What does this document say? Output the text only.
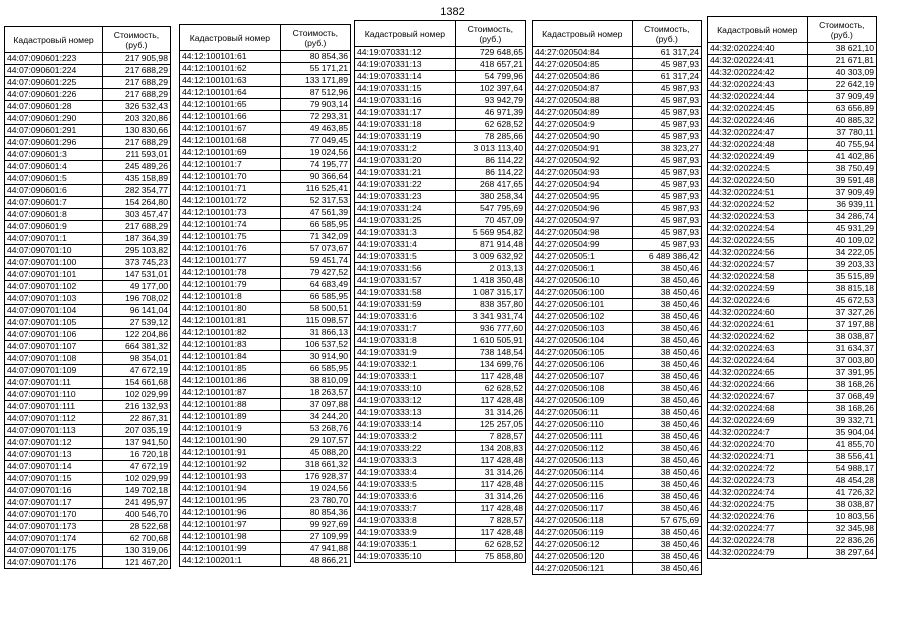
1382
Кадастровый номер	Стоимость, (руб.)
44:07:090601:223	217 905,98
44:07:090601:224	217 688,29
44:07:090601:225	217 688,29
44:07:090601:226	217 688,29
44:07:090601:28	326 532,43
44:07:090601:290	203 320,86
44:07:090601:291	130 830,66
44:07:090601:296	217 688,29
44:07:090601:3	211 593,01
44:07:090601:4	245 489,26
44:07:090601:5	435 158,89
44:07:090601:6	282 354,77
44:07:090601:7	154 264,80
44:07:090601:8	303 457,47
44:07:090601:9	217 688,29
44:07:090701:1	187 364,39
44:07:090701:10	295 103,82
44:07:090701:100	373 745,23
44:07:090701:101	147 531,01
44:07:090701:102	49 177,00
44:07:090701:103	196 708,02
44:07:090701:104	96 141,04
44:07:090701:105	27 539,12
44:07:090701:106	122 204,86
44:07:090701:107	664 381,32
44:07:090701:108	98 354,01
44:07:090701:109	47 672,19
44:07:090701:11	154 661,68
44:07:090701:110	102 029,99
44:07:090701:111	216 132,93
44:07:090701:112	22 867,31
44:07:090701:113	207 035,19
44:07:090701:12	137 941,50
44:07:090701:13	16 720,18
44:07:090701:14	47 672,19
44:07:090701:15	102 029,99
44:07:090701:16	149 702,18
44:07:090701:17	241 495,97
44:07:090701:170	400 546,70
44:07:090701:173	28 522,68
44:07:090701:174	62 700,68
44:07:090701:175	130 319,06
44:07:090701:176	121 467,20
Кадастровый номер	Стоимость, (руб.)
44:12:100101:61	80 854,36
44:12:100101:62	55 171,21
44:12:100101:63	133 171,89
44:12:100101:64	87 512,96
44:12:100101:65	79 903,14
44:12:100101:66	72 293,31
44:12:100101:67	49 463,85
44:12:100101:68	77 049,45
44:12:100101:69	19 024,56
44:12:100101:7	74 195,77
44:12:100101:70	90 366,64
44:12:100101:71	116 525,41
44:12:100101:72	52 317,53
44:12:100101:73	47 561,39
44:12:100101:74	66 585,95
44:12:100101:75	71 342,09
44:12:100101:76	57 073,67
44:12:100101:77	59 451,74
44:12:100101:78	79 427,52
44:12:100101:79	64 683,49
44:12:100101:8	66 585,95
44:12:100101:80	58 500,51
44:12:100101:81	115 098,57
44:12:100101:82	31 866,13
44:12:100101:83	106 537,52
44:12:100101:84	30 914,90
44:12:100101:85	66 585,95
44:12:100101:86	38 810,09
44:12:100101:87	18 263,57
44:12:100101:88	37 097,88
44:12:100101:89	34 244,20
44:12:100101:9	53 268,76
44:12:100101:90	29 107,57
44:12:100101:91	45 088,20
44:12:100101:92	318 661,32
44:12:100101:93	176 928,37
44:12:100101:94	19 024,56
44:12:100101:95	23 780,70
44:12:100101:96	80 854,36
44:12:100101:97	99 927,69
44:12:100101:98	27 109,99
44:12:100101:99	47 941,88
44:12:100201:1	48 866,21
Кадастровый номер	Стоимость, (руб.)
44:19:070331:12	729 648,65
44:19:070331:13	418 657,21
44:19:070331:14	54 799,96
44:19:070331:15	102 397,64
44:19:070331:16	93 942,79
44:19:070331:17	46 971,39
44:19:070331:18	62 628,52
44:19:070331:19	78 285,66
44:19:070331:2	3 013 113,40
44:19:070331:20	86 114,22
44:19:070331:21	86 114,22
44:19:070331:22	268 417,65
44:19:070331:23	380 258,34
44:19:070331:24	547 795,69
44:19:070331:25	70 457,09
44:19:070331:3	5 569 954,82
44:19:070331:4	871 914,48
44:19:070331:5	3 009 632,92
44:19:070331:56	2 013,13
44:19:070331:57	1 418 350,48
44:19:070331:58	1 087 315,17
44:19:070331:59	838 357,80
44:19:070331:6	3 341 931,74
44:19:070331:7	936 777,60
44:19:070331:8	1 610 505,91
44:19:070331:9	738 148,54
44:19:070332:1	134 699,76
44:19:070333:1	117 428,48
44:19:070333:10	62 628,52
44:19:070333:12	117 428,48
44:19:070333:13	31 314,26
44:19:070333:14	125 257,05
44:19:070333:2	7 828,57
44:19:070333:22	134 208,83
44:19:070333:3	117 428,48
44:19:070333:4	31 314,26
44:19:070333:5	117 428,48
44:19:070333:6	31 314,26
44:19:070333:7	117 428,48
44:19:070333:8	7 828,57
44:19:070333:9	117 428,48
44:19:070335:1	62 628,52
44:19:070335:10	75 858,80
Кадастровый номер	Стоимость, (руб.)
44:27:020504:84	61 317,24
44:27:020504:85	45 987,93
44:27:020504:86	61 317,24
44:27:020504:87	45 987,93
44:27:020504:88	45 987,93
44:27:020504:89	45 987,93
44:27:020504:9	45 987,93
44:27:020504:90	45 987,93
44:27:020504:91	38 323,27
44:27:020504:92	45 987,93
44:27:020504:93	45 987,93
44:27:020504:94	45 987,93
44:27:020504:95	45 987,93
44:27:020504:96	45 987,93
44:27:020504:97	45 987,93
44:27:020504:98	45 987,93
44:27:020504:99	45 987,93
44:27:020505:1	6 489 386,42
44:27:020506:1	38 450,46
44:27:020506:10	38 450,46
44:27:020506:100	38 450,46
44:27:020506:101	38 450,46
44:27:020506:102	38 450,46
44:27:020506:103	38 450,46
44:27:020506:104	38 450,46
44:27:020506:105	38 450,46
44:27:020506:106	38 450,46
44:27:020506:107	38 450,46
44:27:020506:108	38 450,46
44:27:020506:109	38 450,46
44:27:020506:11	38 450,46
44:27:020506:110	38 450,46
44:27:020506:111	38 450,46
44:27:020506:112	38 450,46
44:27:020506:113	38 450,46
44:27:020506:114	38 450,46
44:27:020506:115	38 450,46
44:27:020506:116	38 450,46
44:27:020506:117	38 450,46
44:27:020506:118	57 675,69
44:27:020506:119	38 450,46
44:27:020506:12	38 450,46
44:27:020506:120	38 450,46
44:27:020506:121	38 450,46
Кадастровый номер	Стоимость, (руб.)
44:32:020224:40	38 621,10
44:32:020224:41	21 671,81
44:32:020224:42	40 303,09
44:32:020224:43	22 642,19
44:32:020224:44	37 909,49
44:32:020224:45	63 656,89
44:32:020224:46	40 885,32
44:32:020224:47	37 780,11
44:32:020224:48	40 755,94
44:32:020224:49	41 402,86
44:32:020224:5	38 750,49
44:32:020224:50	39 591,48
44:32:020224:51	37 909,49
44:32:020224:52	36 939,11
44:32:020224:53	34 286,74
44:32:020224:54	45 931,29
44:32:020224:55	40 109,02
44:32:020224:56	34 222,05
44:32:020224:57	39 203,33
44:32:020224:58	35 515,89
44:32:020224:59	38 815,18
44:32:020224:6	45 672,53
44:32:020224:60	37 327,26
44:32:020224:61	37 197,88
44:32:020224:62	38 038,87
44:32:020224:63	31 634,37
44:32:020224:64	37 003,80
44:32:020224:65	37 391,95
44:32:020224:66	38 168,26
44:32:020224:67	37 068,49
44:32:020224:68	38 168,26
44:32:020224:69	39 332,71
44:32:020224:7	35 904,04
44:32:020224:70	41 855,70
44:32:020224:71	38 556,41
44:32:020224:72	54 988,17
44:32:020224:73	48 454,28
44:32:020224:74	41 726,32
44:32:020224:75	38 038,87
44:32:020224:76	10 803,56
44:32:020224:77	32 345,98
44:32:020224:78	22 836,26
44:32:020224:79	38 297,64
